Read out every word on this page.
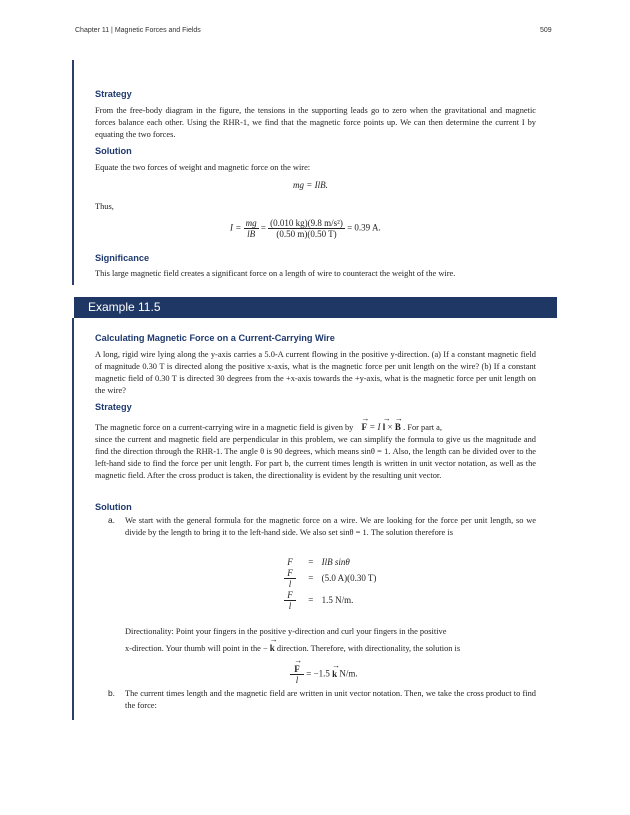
Chapter 11 | Magnetic Forces and Fields	509
Strategy
From the free-body diagram in the figure, the tensions in the supporting leads go to zero when the gravitational and magnetic forces balance each other. Using the RHR-1, we find that the magnetic force points up. We can then determine the current I by equating the two forces.
Solution
Equate the two forces of weight and magnetic force on the wire:
mg = IlB.
Thus,
$I = \frac{mg}{lB} = \frac{\text{(0.010 kg)(9.8 m/s²)}}{(0.50 m)(0.50 T)} = 0.39$ A.
Significance
This large magnetic field creates a significant force on a length of wire to counteract the weight of the wire.
Example 11.5
Calculating Magnetic Force on a Current-Carrying Wire
A long, rigid wire lying along the y-axis carries a 5.0-A current flowing in the positive y-direction. (a) If a constant magnetic field of magnitude 0.30 T is directed along the positive x-axis, what is the magnetic force per unit length on the wire? (b) If a constant magnetic field of 0.30 T is directed 30 degrees from the +x-axis towards the +y-axis, what is the magnetic force per unit length on the wire?
Strategy
The magnetic force on a current-carrying wire in a magnetic field is given by → F = I → l × → B . For part a,
since the current and magnetic field are perpendicular in this problem, we can simplify the formula to give us the magnitude and find the direction through the RHR-1. The angle θ is 90 degrees, which means sinθ = 1. Also, the length can be divided over to the left-hand side to find the force per unit length. For part b, the current times length is written in unit vector notation, as well as the magnetic field. After the cross product is taken, the directionality is evident by the resulting unit vector.
Solution
a. We start with the general formula for the magnetic force on a wire. We are looking for the force per unit length, so we divide by the length to bring it to the left-hand side. We also set sinθ = 1. The solution therefore is
F = IlB sinθ
$\frac{F}{l} = (5.0$ A)(0.30 T)
$\frac{F}{l} = 1.5$ N/m.
Directionality: Point your fingers in the positive y-direction and curl your fingers in the positive
x-direction. Your thumb will point in the − → k direction. Therefore, with directionality, the solution is
→ $\frac{F}{l} = -1.5 \to k$ N/m.
b. The current times length and the magnetic field are written in unit vector notation. Then, we take the cross product to find the force:
